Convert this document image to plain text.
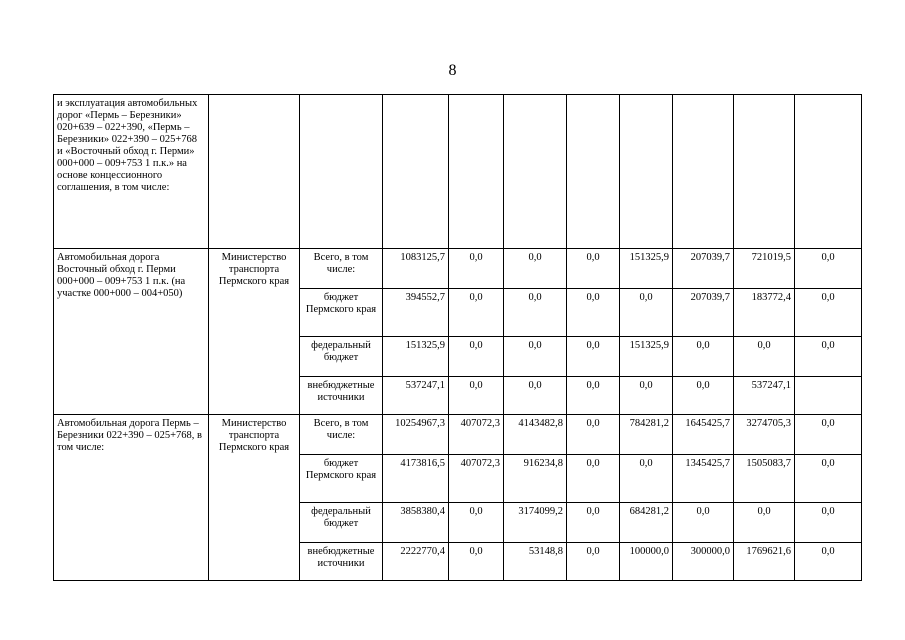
8
и эксплуатация автомобильных дорог «Пермь – Березники» 020+639 – 022+390, «Пермь – Березники» 022+390 – 025+768 и «Восточный обход г. Перми» 000+000 – 009+753 1 п.к.» на основе концессионного соглашения, в том числе:										
Автомобильная дорога Восточный обход г. Перми 000+000 – 009+753 1 п.к. (на участке 000+000 – 004+050)	Министерство транспорта Пермского края	Всего, в том числе:	1083125,7	0,0	0,0	0,0	151325,9	207039,7	721019,5	0,0
		бюджет Пермского края	394552,7	0,0	0,0	0,0	0,0	207039,7	183772,4	0,0
		федеральный бюджет	151325,9	0,0	0,0	0,0	151325,9	0,0	0,0	0,0
		внебюджетные источники	537247,1	0,0	0,0	0,0	0,0	0,0	537247,1	
Автомобильная дорога Пермь – Березники 022+390 – 025+768, в том числе:	Министерство транспорта Пермского края	Всего, в том числе:	10254967,3	407072,3	4143482,8	0,0	784281,2	1645425,7	3274705,3	0,0
		бюджет Пермского края	4173816,5	407072,3	916234,8	0,0	0,0	1345425,7	1505083,7	0,0
		федеральный бюджет	3858380,4	0,0	3174099,2	0,0	684281,2	0,0	0,0	0,0
		внебюджетные источники	2222770,4	0,0	53148,8	0,0	100000,0	300000,0	1769621,6	0,0
